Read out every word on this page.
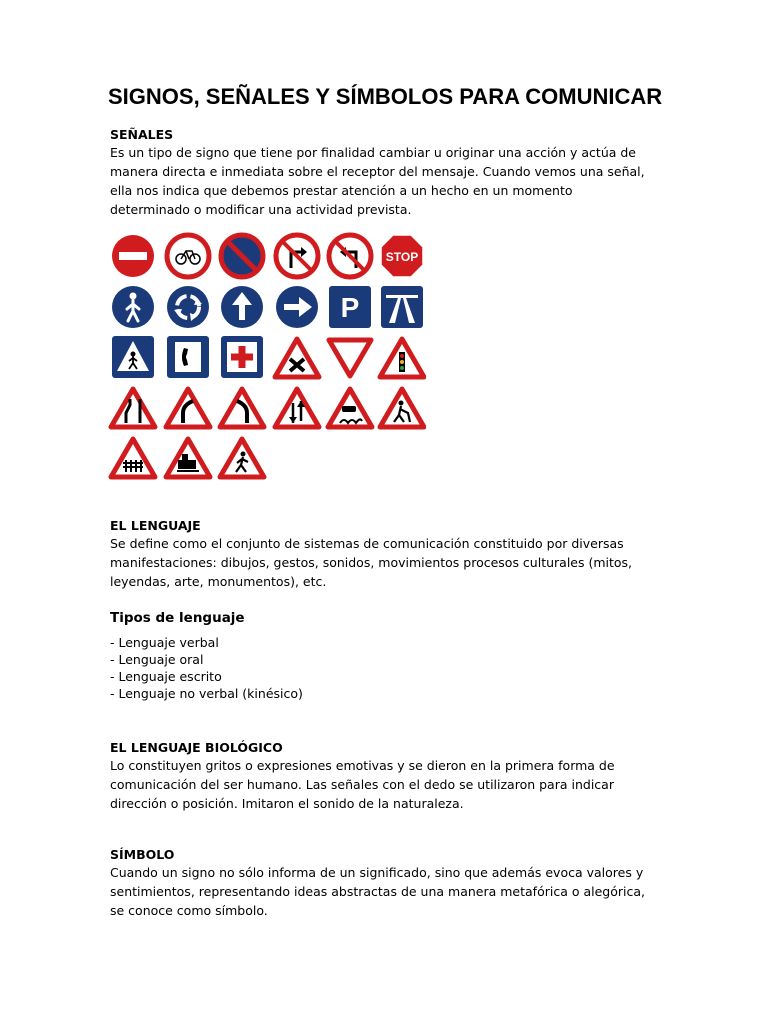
SIGNOS, SEÑALES Y SÍMBOLOS PARA COMUNICAR
SEÑALES

Es un tipo de signo que tiene por finalidad cambiar u originar una acción y actúa de
manera directa e inmediata sobre el receptor del mensaje. Cuando vemos una señal,
ella nos indica que debemos prestar atención a un hecho en un momento
determinado o modificar una actividad prevista.

STOP
P
EL LENGUAJE

Se define como el conjunto de sistemas de comunicación constituido por diversas
manifestaciones: dibujos, gestos, sonidos, movimientos procesos culturales (mitos,
leyendas, arte, monumentos), etc.

Tipos de lenguaje
- Lenguaje verbal
- Lenguaje oral
- Lenguaje escrito
- Lenguaje no verbal (kinésico)
EL LENGUAJE BIOLÓGICO

Lo constituyen gritos o expresiones emotivas y se dieron en la primera forma de
comunicación del ser humano. Las señales con el dedo se utilizaron para indicar
dirección o posición. Imitaron el sonido de la naturaleza.

SÍMBOLO

Cuando un signo no sólo informa de un significado, sino que además evoca valores y
sentimientos, representando ideas abstractas de una manera metafórica o alegórica,
se conoce como símbolo.
